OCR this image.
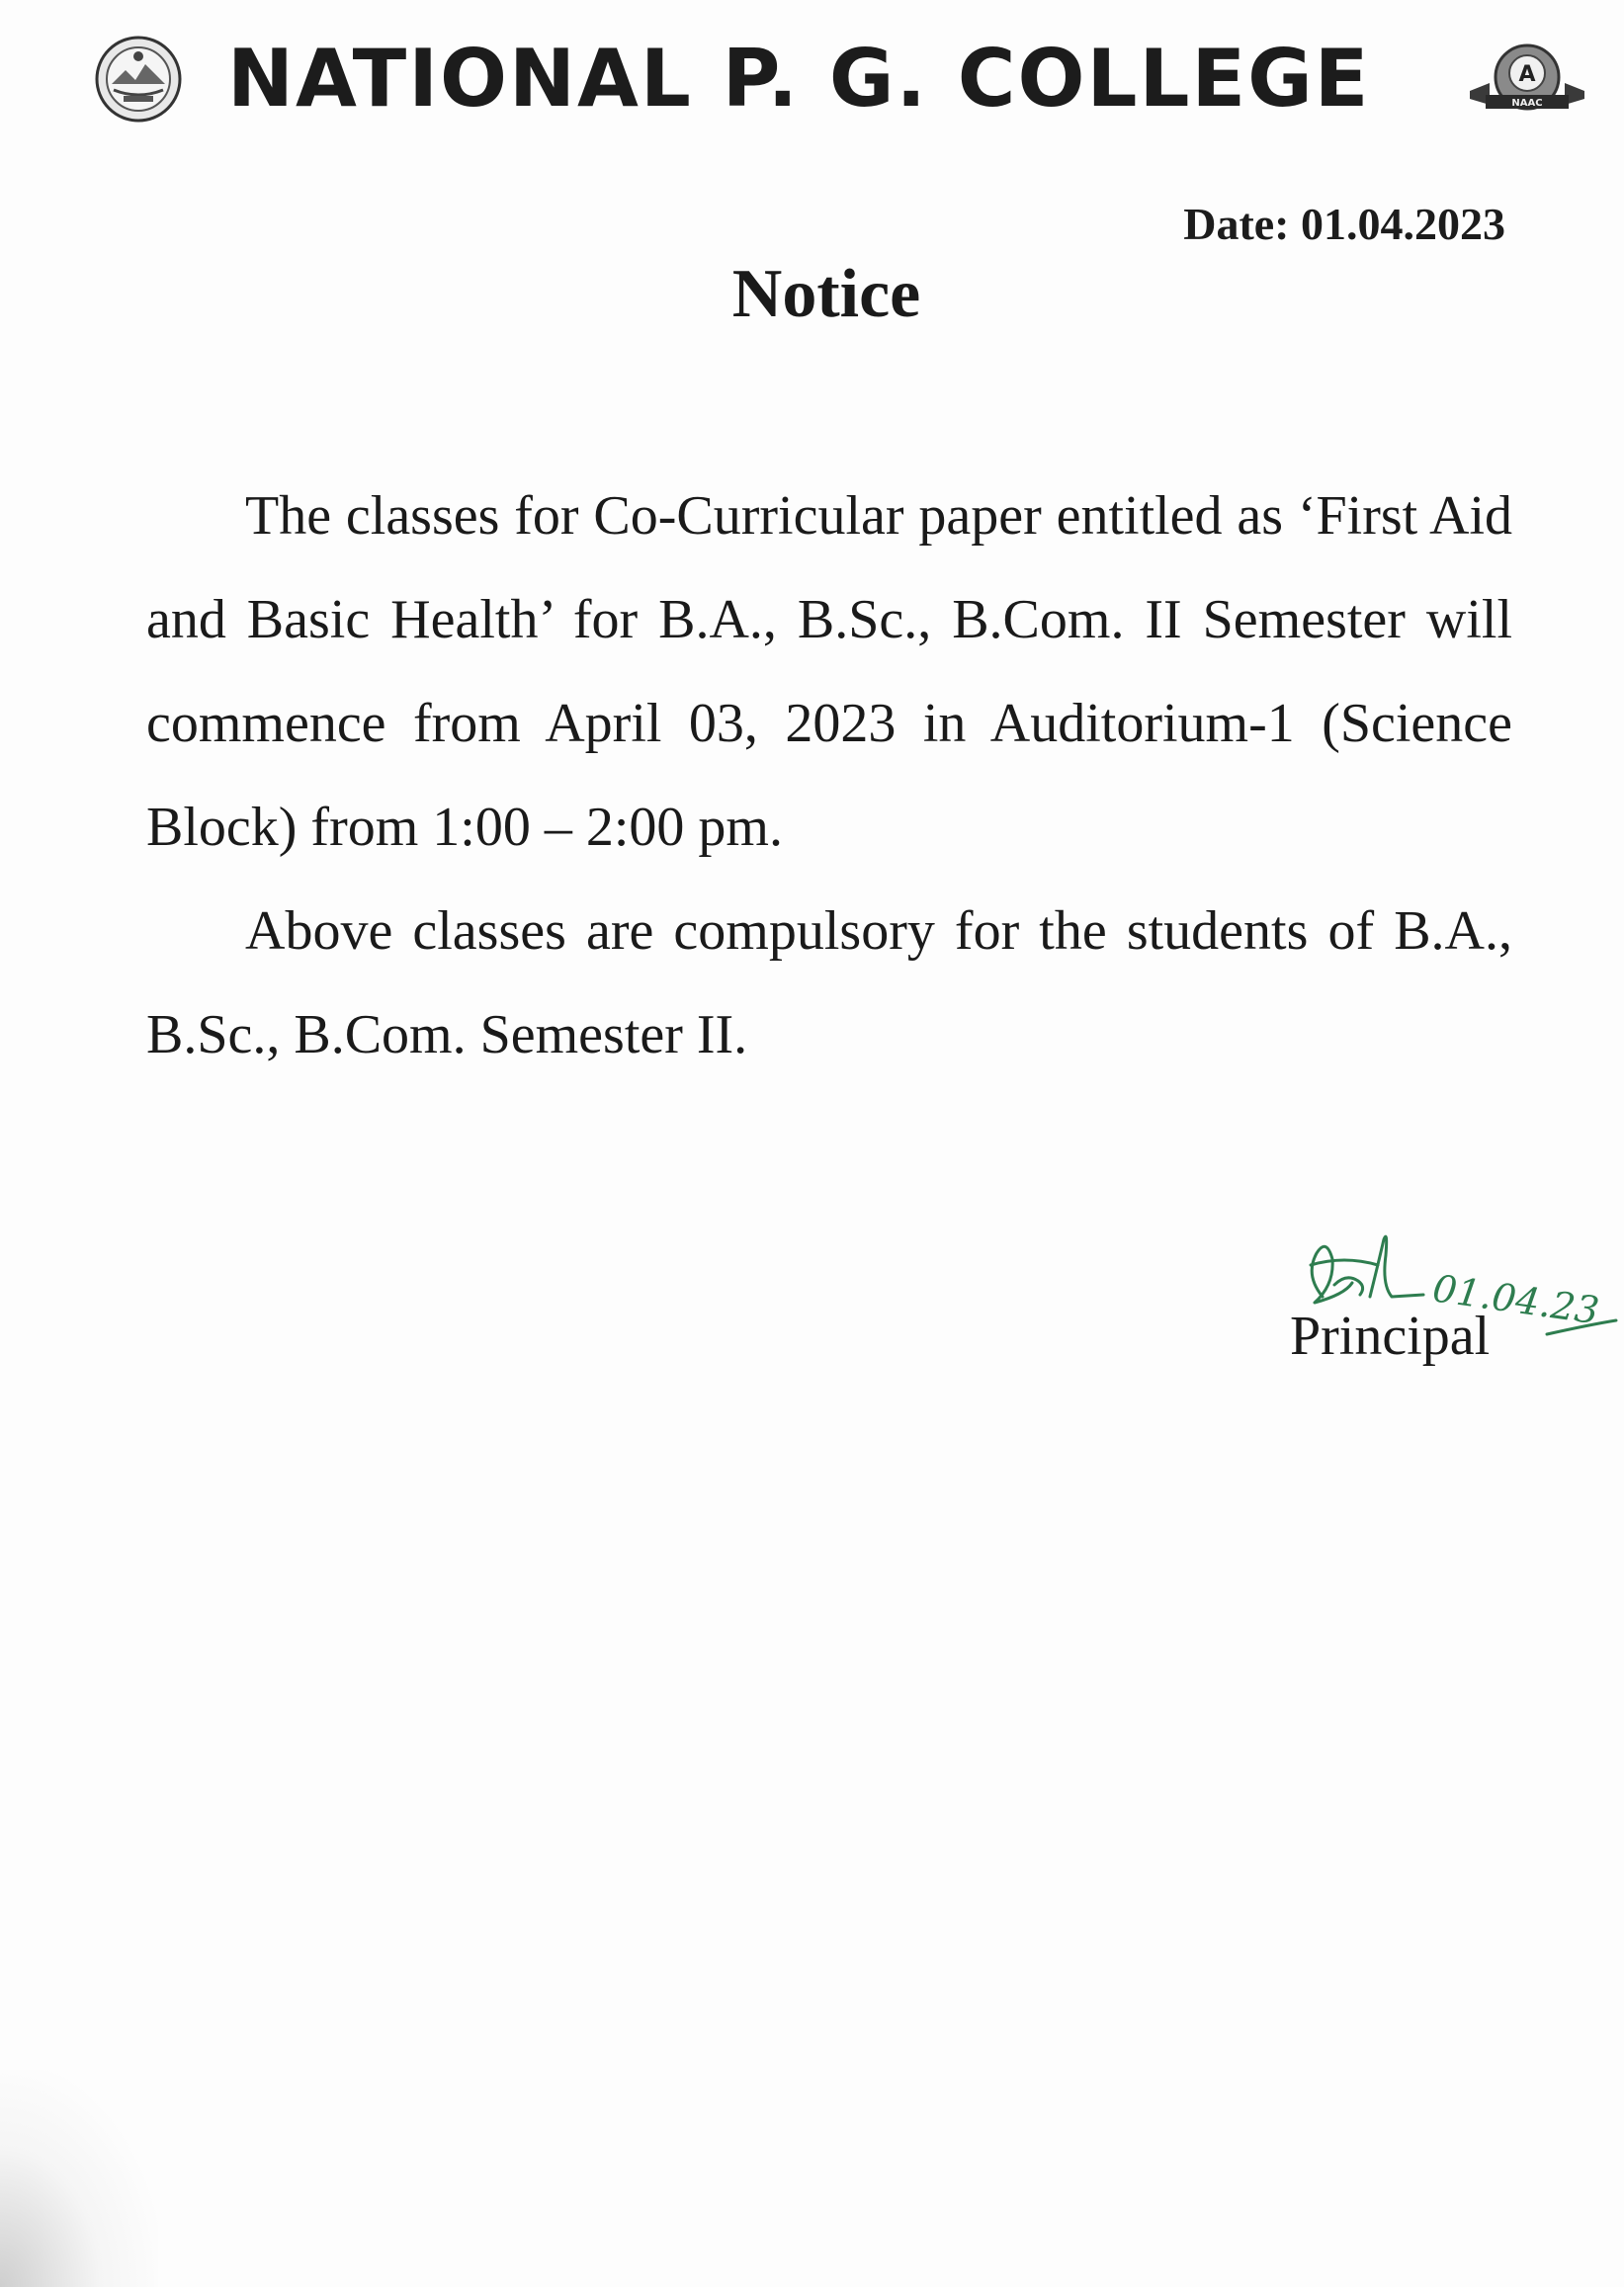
NATIONAL P. G. COLLEGE	A
NAAC
Date: 01.04.2023
Notice

The classes for Co-Curricular paper entitled as ‘First Aid and Basic Health’ for B.A., B.Sc., B.Com. II Semester will commence from April 03, 2023 in Auditorium-1 (Science Block) from 1:00 – 2:00 pm.

Above classes are compulsory for the students of B.A., B.Sc., B.Com. Semester II.

01.04.23
Principal
